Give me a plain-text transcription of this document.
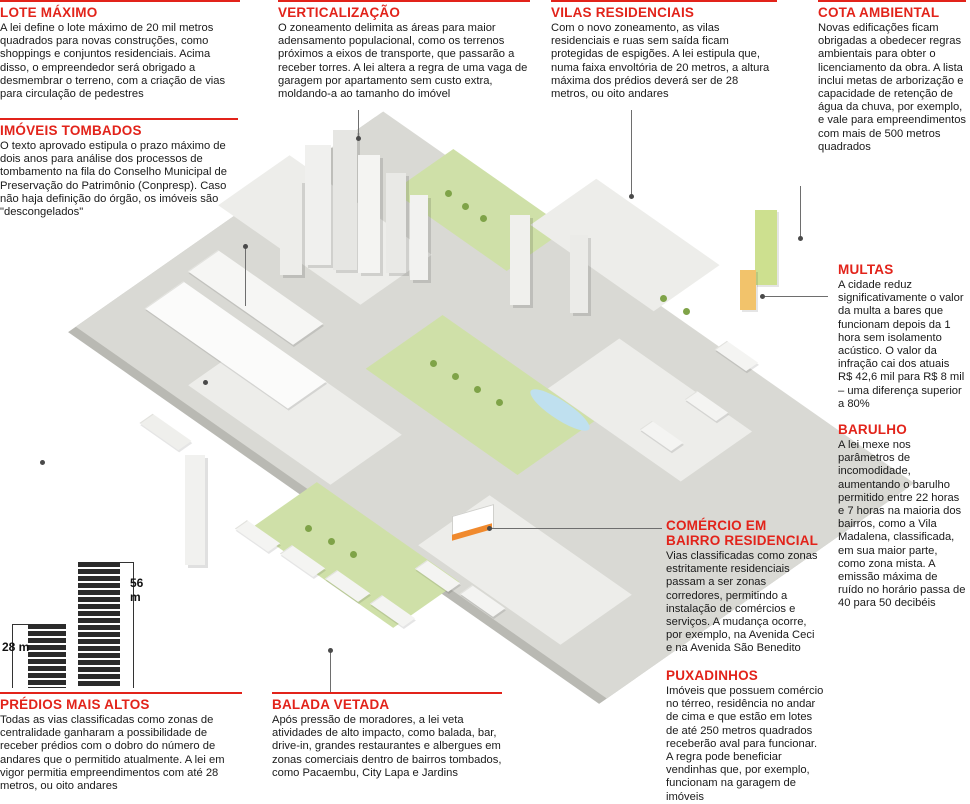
28 m
56 m

LOTE MÁXIMO

A lei define o lote máximo de 20 mil metros quadrados para novas construções, como shoppings e conjuntos residenciais. Acima disso, o empreendedor será obrigado a desmembrar o terreno, com a criação de vias para circulação de pedestres

IMÓVEIS TOMBADOS

O texto aprovado estipula o prazo máximo de dois anos para análise dos processos de tombamento na fila do Conselho Municipal de Preservação do Patrimônio (Conpresp). Caso não haja definição do órgão, os imóveis são "descongelados"

VERTICALIZAÇÃO

O zoneamento delimita as áreas para maior adensamento populacional, como os terrenos próximos a eixos de transporte, que passarão a receber torres. A lei altera a regra de uma vaga de garagem por apartamento sem custo extra, moldando-a ao tamanho do imóvel

VILAS RESIDENCIAIS

Com o novo zoneamento, as vilas residenciais e ruas sem saída ficam protegidas de espigões. A lei estipula que, numa faixa envoltória de 20 metros, a altura máxima dos prédios deverá ser de 28 metros, ou oito andares

COTA AMBIENTAL

Novas edificações ficam obrigadas a obedecer regras ambientais para obter o licenciamento da obra. A lista inclui metas de arborização e capacidade de retenção de água da chuva, por exemplo, e vale para empreendimentos com mais de 500 metros quadrados

MULTAS

A cidade reduz significativamente o valor da multa a bares que funcionam depois da 1 hora sem isolamento acústico. O valor da infração cai dos atuais R$ 42,6 mil para R$ 8 mil – uma diferença superior a 80%

BARULHO

A lei mexe nos parâmetros de incomodidade, aumentando o barulho permitido entre 22 horas e 7 horas na maioria dos bairros, como a Vila Madalena, classificada, em sua maior parte, como zona mista. A emissão máxima de ruído no horário passa de 40 para 50 decibéis

COMÉRCIO EM BAIRRO RESIDENCIAL

Vias classificadas como zonas estritamente residenciais passam a ser zonas corredores, permitindo a instalação de comércios e serviços. A mudança ocorre, por exemplo, na Avenida Ceci e na Avenida São Benedito

PUXADINHOS

Imóveis que possuem comércio no térreo, residência no andar de cima e que estão em lotes de até 250 metros quadrados receberão aval para funcionar. A regra pode beneficiar vendinhas que, por exemplo, funcionam na garagem de imóveis

BALADA VETADA

Após pressão de moradores, a lei veta atividades de alto impacto, como balada, bar, drive-in, grandes restaurantes e albergues em zonas comerciais dentro de bairros tombados, como Pacaembu, City Lapa e Jardins

PRÉDIOS MAIS ALTOS

Todas as vias classificadas como zonas de centralidade ganharam a possibilidade de receber prédios com o dobro do número de andares que o permitido atualmente. A lei em vigor permitia empreendimentos com até 28 metros, ou oito andares
